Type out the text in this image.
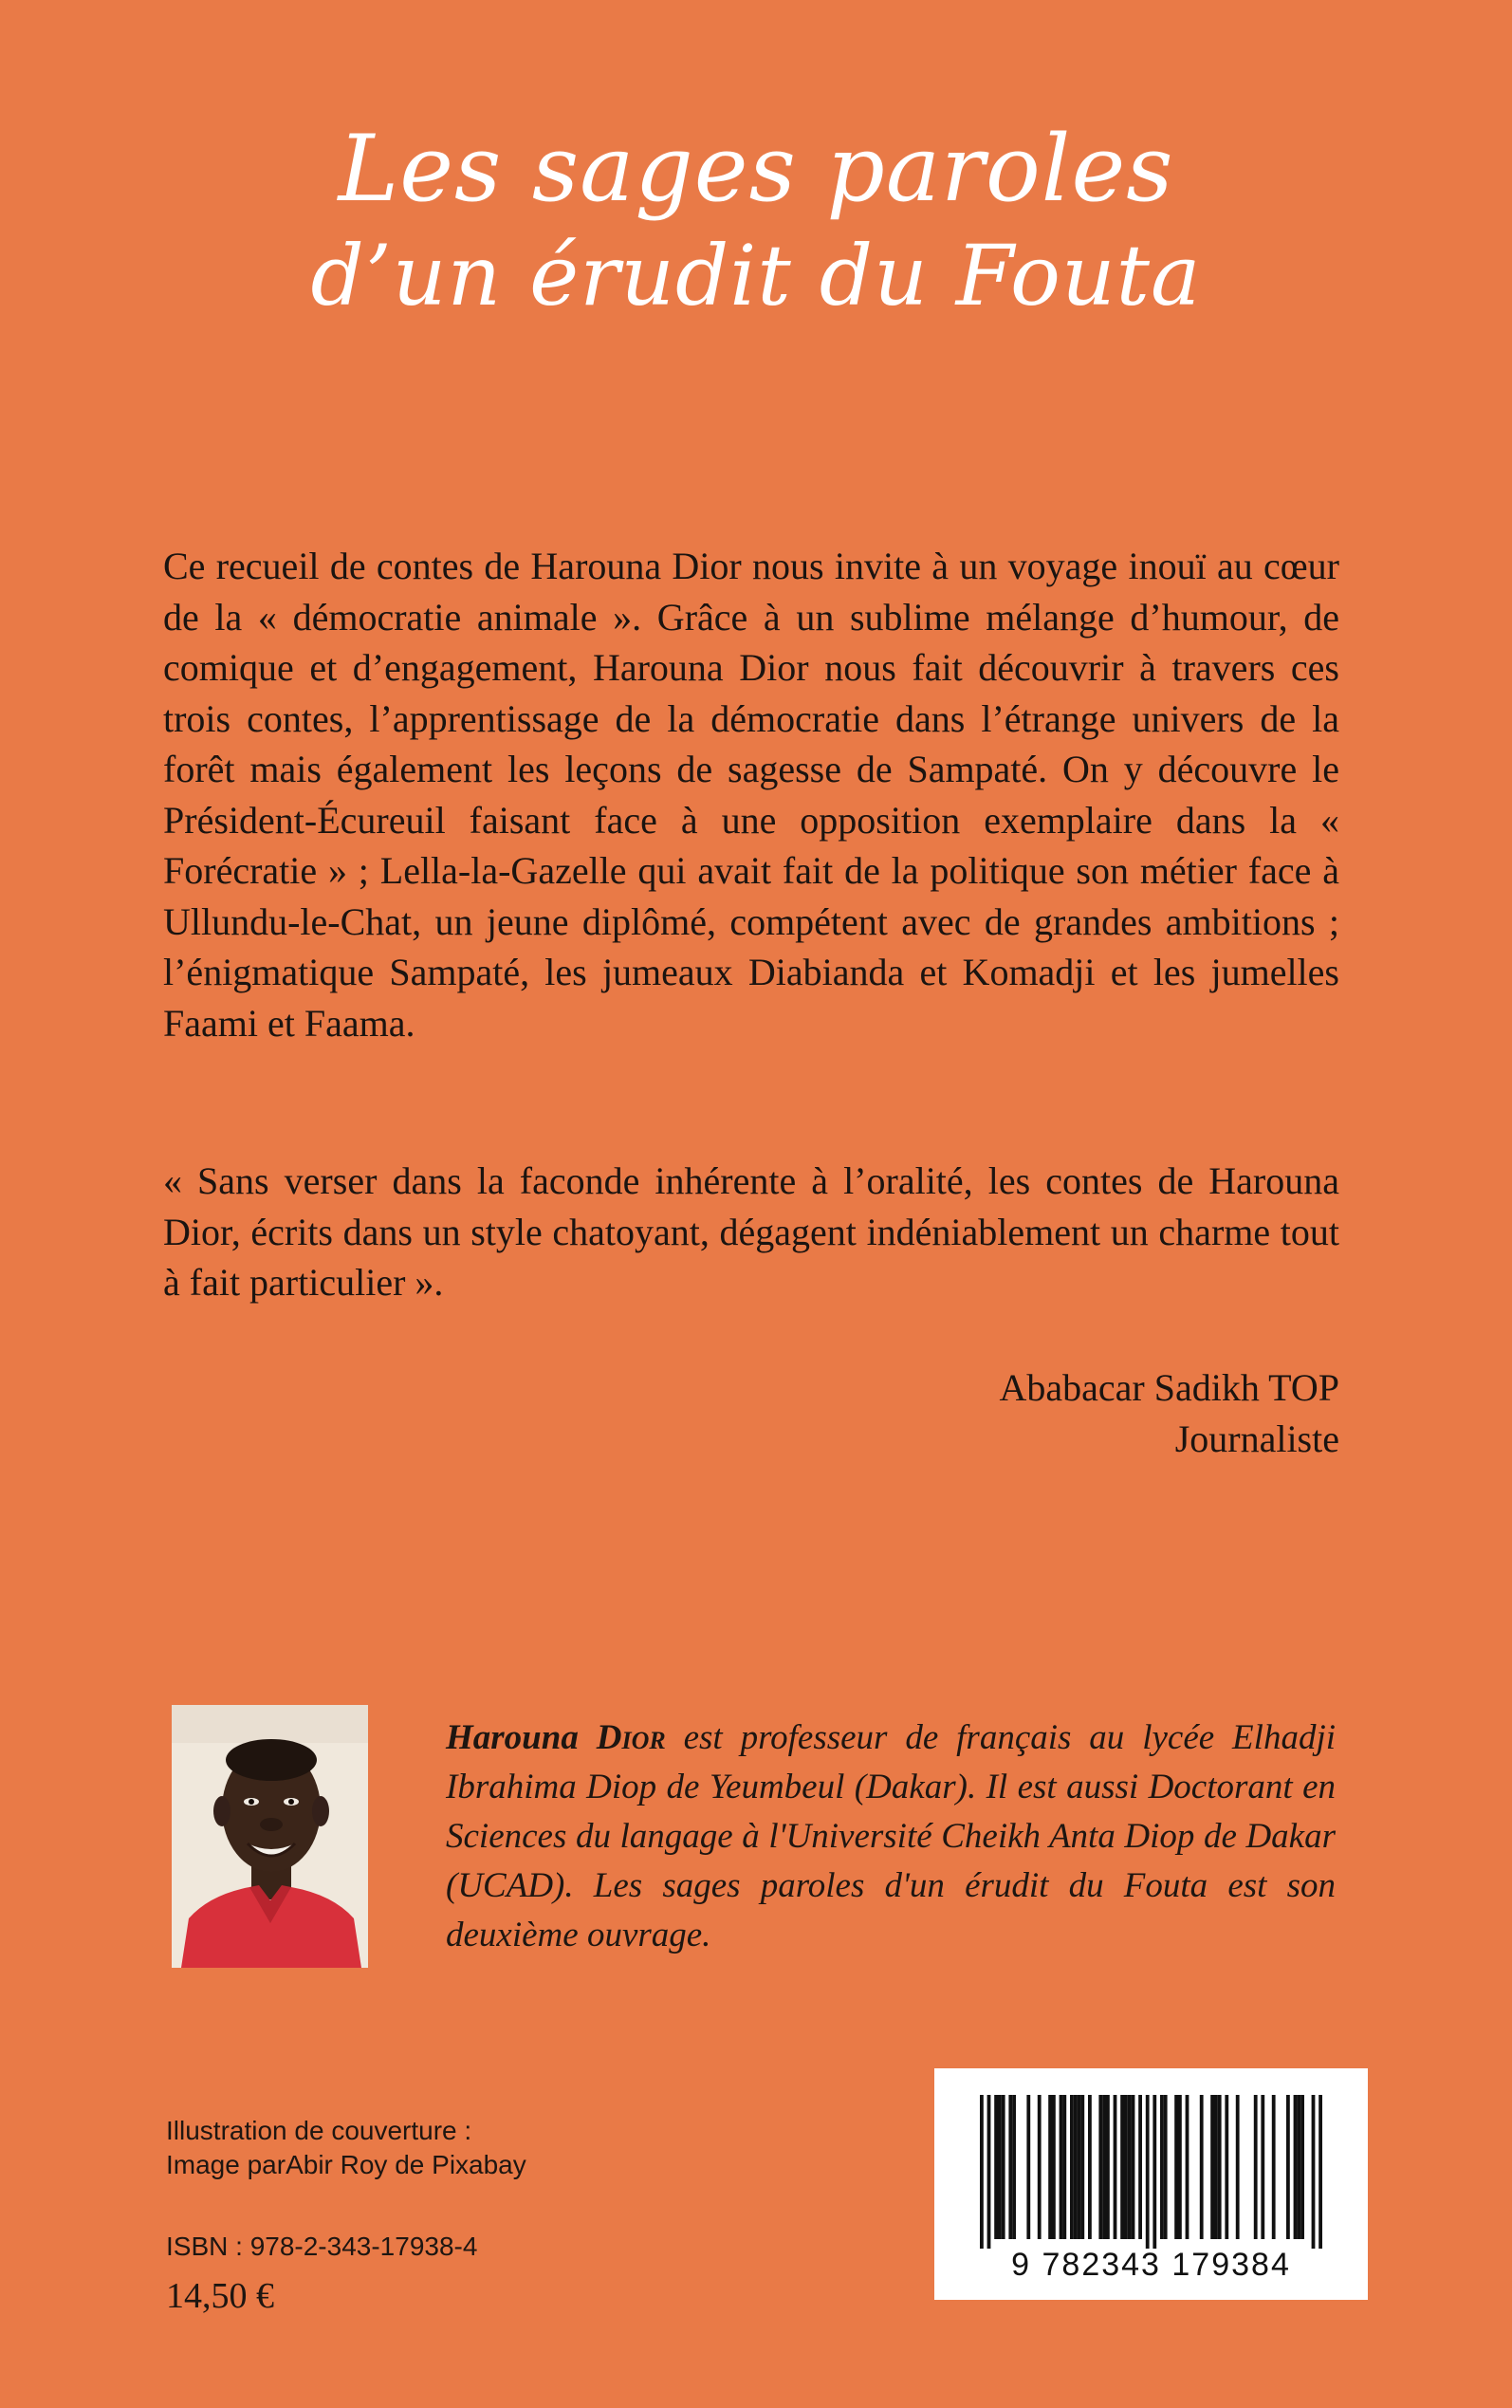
Les sages paroles
d’un érudit du Fouta
Ce recueil de contes de Harouna Dior nous invite à un voyage inouï au cœur de la « démocratie animale ». Grâce à un sublime mélange d’humour, de comique et d’engagement, Harouna Dior nous fait découvrir à travers ces trois contes, l’apprentissage de la démocratie dans l’étrange univers de la forêt mais également les leçons de sagesse de Sampaté. On y découvre le Président-Écureuil faisant face à une opposition exemplaire dans la « Forécratie » ; Lella-la-Gazelle qui avait fait de la politique son métier face à Ullundu-le-Chat, un jeune diplômé, compétent avec de grandes ambitions ; l’énigmatique Sampaté, les jumeaux Diabianda et Komadji et les jumelles Faami et Faama.
« Sans verser dans la faconde inhérente à l’oralité, les contes de Harouna Dior, écrits dans un style chatoyant, dégagent indéniablement un charme tout à fait particulier ».
Ababacar Sadikh TOP
Journaliste
Harouna Dior est professeur de français au lycée Elhadji Ibrahima Diop de Yeumbeul (Dakar). Il est aussi Doctorant en Sciences du langage à l'Université Cheikh Anta Diop de Dakar (UCAD). Les sages paroles d'un érudit du Fouta est son deuxième ouvrage.
Illustration de couverture :
Image parAbir Roy de Pixabay
ISBN : 978-2-343-17938-4
14,50 €
9 782343 179384
